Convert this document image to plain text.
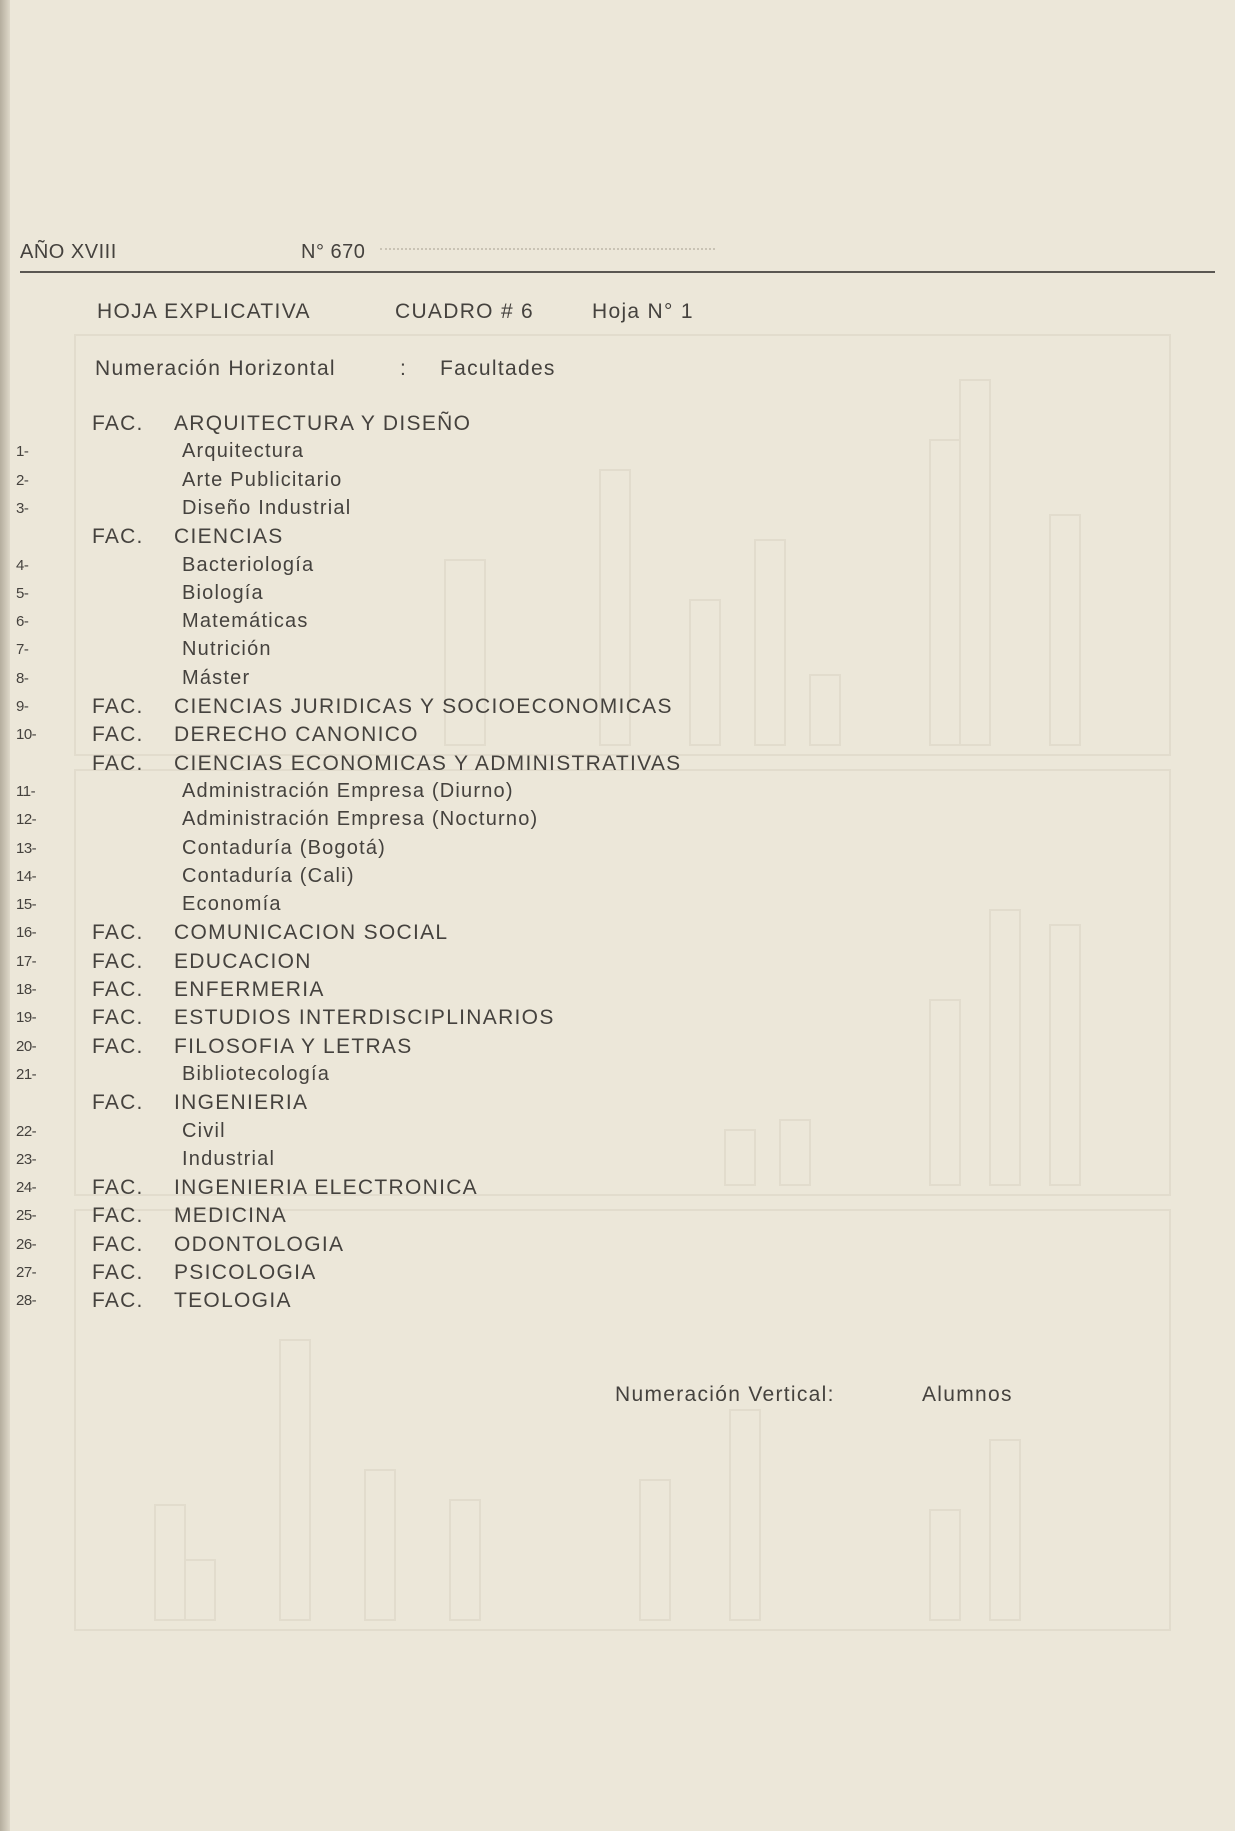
AÑO XVIII	N° 670
HOJA EXPLICATIVA	CUADRO # 6	Hoja N° 1
Numeración Horizontal	: Facultades
FAC. ARQUITECTURA Y DISEÑO
1-	Arquitectura
2-	Arte Publicitario
3-	Diseño Industrial
FAC. CIENCIAS
4-	Bacteriología
5-	Biología
6-	Matemáticas
7-	Nutrición
8-	Máster
9-	FAC. CIENCIAS JURIDICAS Y SOCIOECONOMICAS
10-	FAC. DERECHO CANONICO
FAC. CIENCIAS ECONOMICAS Y ADMINISTRATIVAS
11-	Administración Empresa (Diurno)
12-	Administración Empresa (Nocturno)
13-	Contaduría (Bogotá)
14-	Contaduría (Cali)
15-	Economía
16-	FAC. COMUNICACION SOCIAL
17-	FAC. EDUCACION
18-	FAC. ENFERMERIA
19-	FAC. ESTUDIOS INTERDISCIPLINARIOS
20-	FAC. FILOSOFIA Y LETRAS
21-	Bibliotecología
FAC. INGENIERIA
22-	Civil
23-	Industrial
24-	FAC. INGENIERIA ELECTRONICA
25-	FAC. MEDICINA
26-	FAC. ODONTOLOGIA
27-	FAC. PSICOLOGIA
28-	FAC. TEOLOGIA
Numeración Vertical:	Alumnos
